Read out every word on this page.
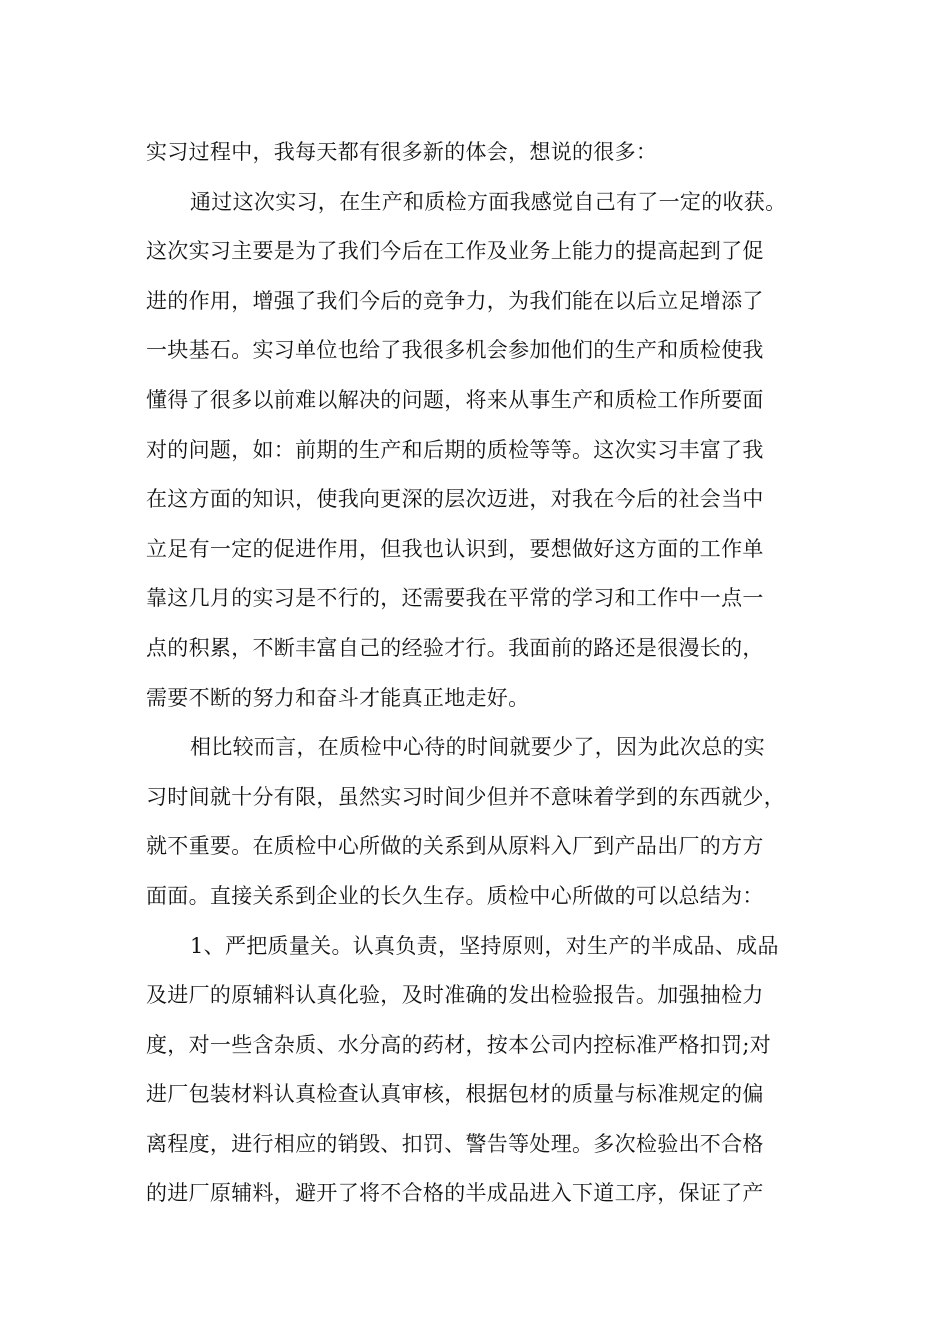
实习过程中，我每天都有很多新的体会，想说的很多：
通过这次实习，在生产和质检方面我感觉自己有了一定的收获。
这次实习主要是为了我们今后在工作及业务上能力的提高起到了促
进的作用，增强了我们今后的竞争力，为我们能在以后立足增添了
一块基石。实习单位也给了我很多机会参加他们的生产和质检使我
懂得了很多以前难以解决的问题，将来从事生产和质检工作所要面
对的问题，如：前期的生产和后期的质检等等。这次实习丰富了我
在这方面的知识，使我向更深的层次迈进，对我在今后的社会当中
立足有一定的促进作用，但我也认识到，要想做好这方面的工作单
靠这几月的实习是不行的，还需要我在平常的学习和工作中一点一
点的积累，不断丰富自己的经验才行。我面前的路还是很漫长的，
需要不断的努力和奋斗才能真正地走好。
相比较而言，在质检中心待的时间就要少了，因为此次总的实
习时间就十分有限，虽然实习时间少但并不意味着学到的东西就少，
就不重要。在质检中心所做的关系到从原料入厂到产品出厂的方方
面面。直接关系到企业的长久生存。质检中心所做的可以总结为：
1、严把质量关。认真负责，坚持原则，对生产的半成品、成品
及进厂的原辅料认真化验，及时准确的发出检验报告。加强抽检力
度，对一些含杂质、水分高的药材，按本公司内控标准严格扣罚;对
进厂包装材料认真检查认真审核，根据包材的质量与标准规定的偏
离程度，进行相应的销毁、扣罚、警告等处理。多次检验出不合格
的进厂原辅料，避开了将不合格的半成品进入下道工序，保证了产
